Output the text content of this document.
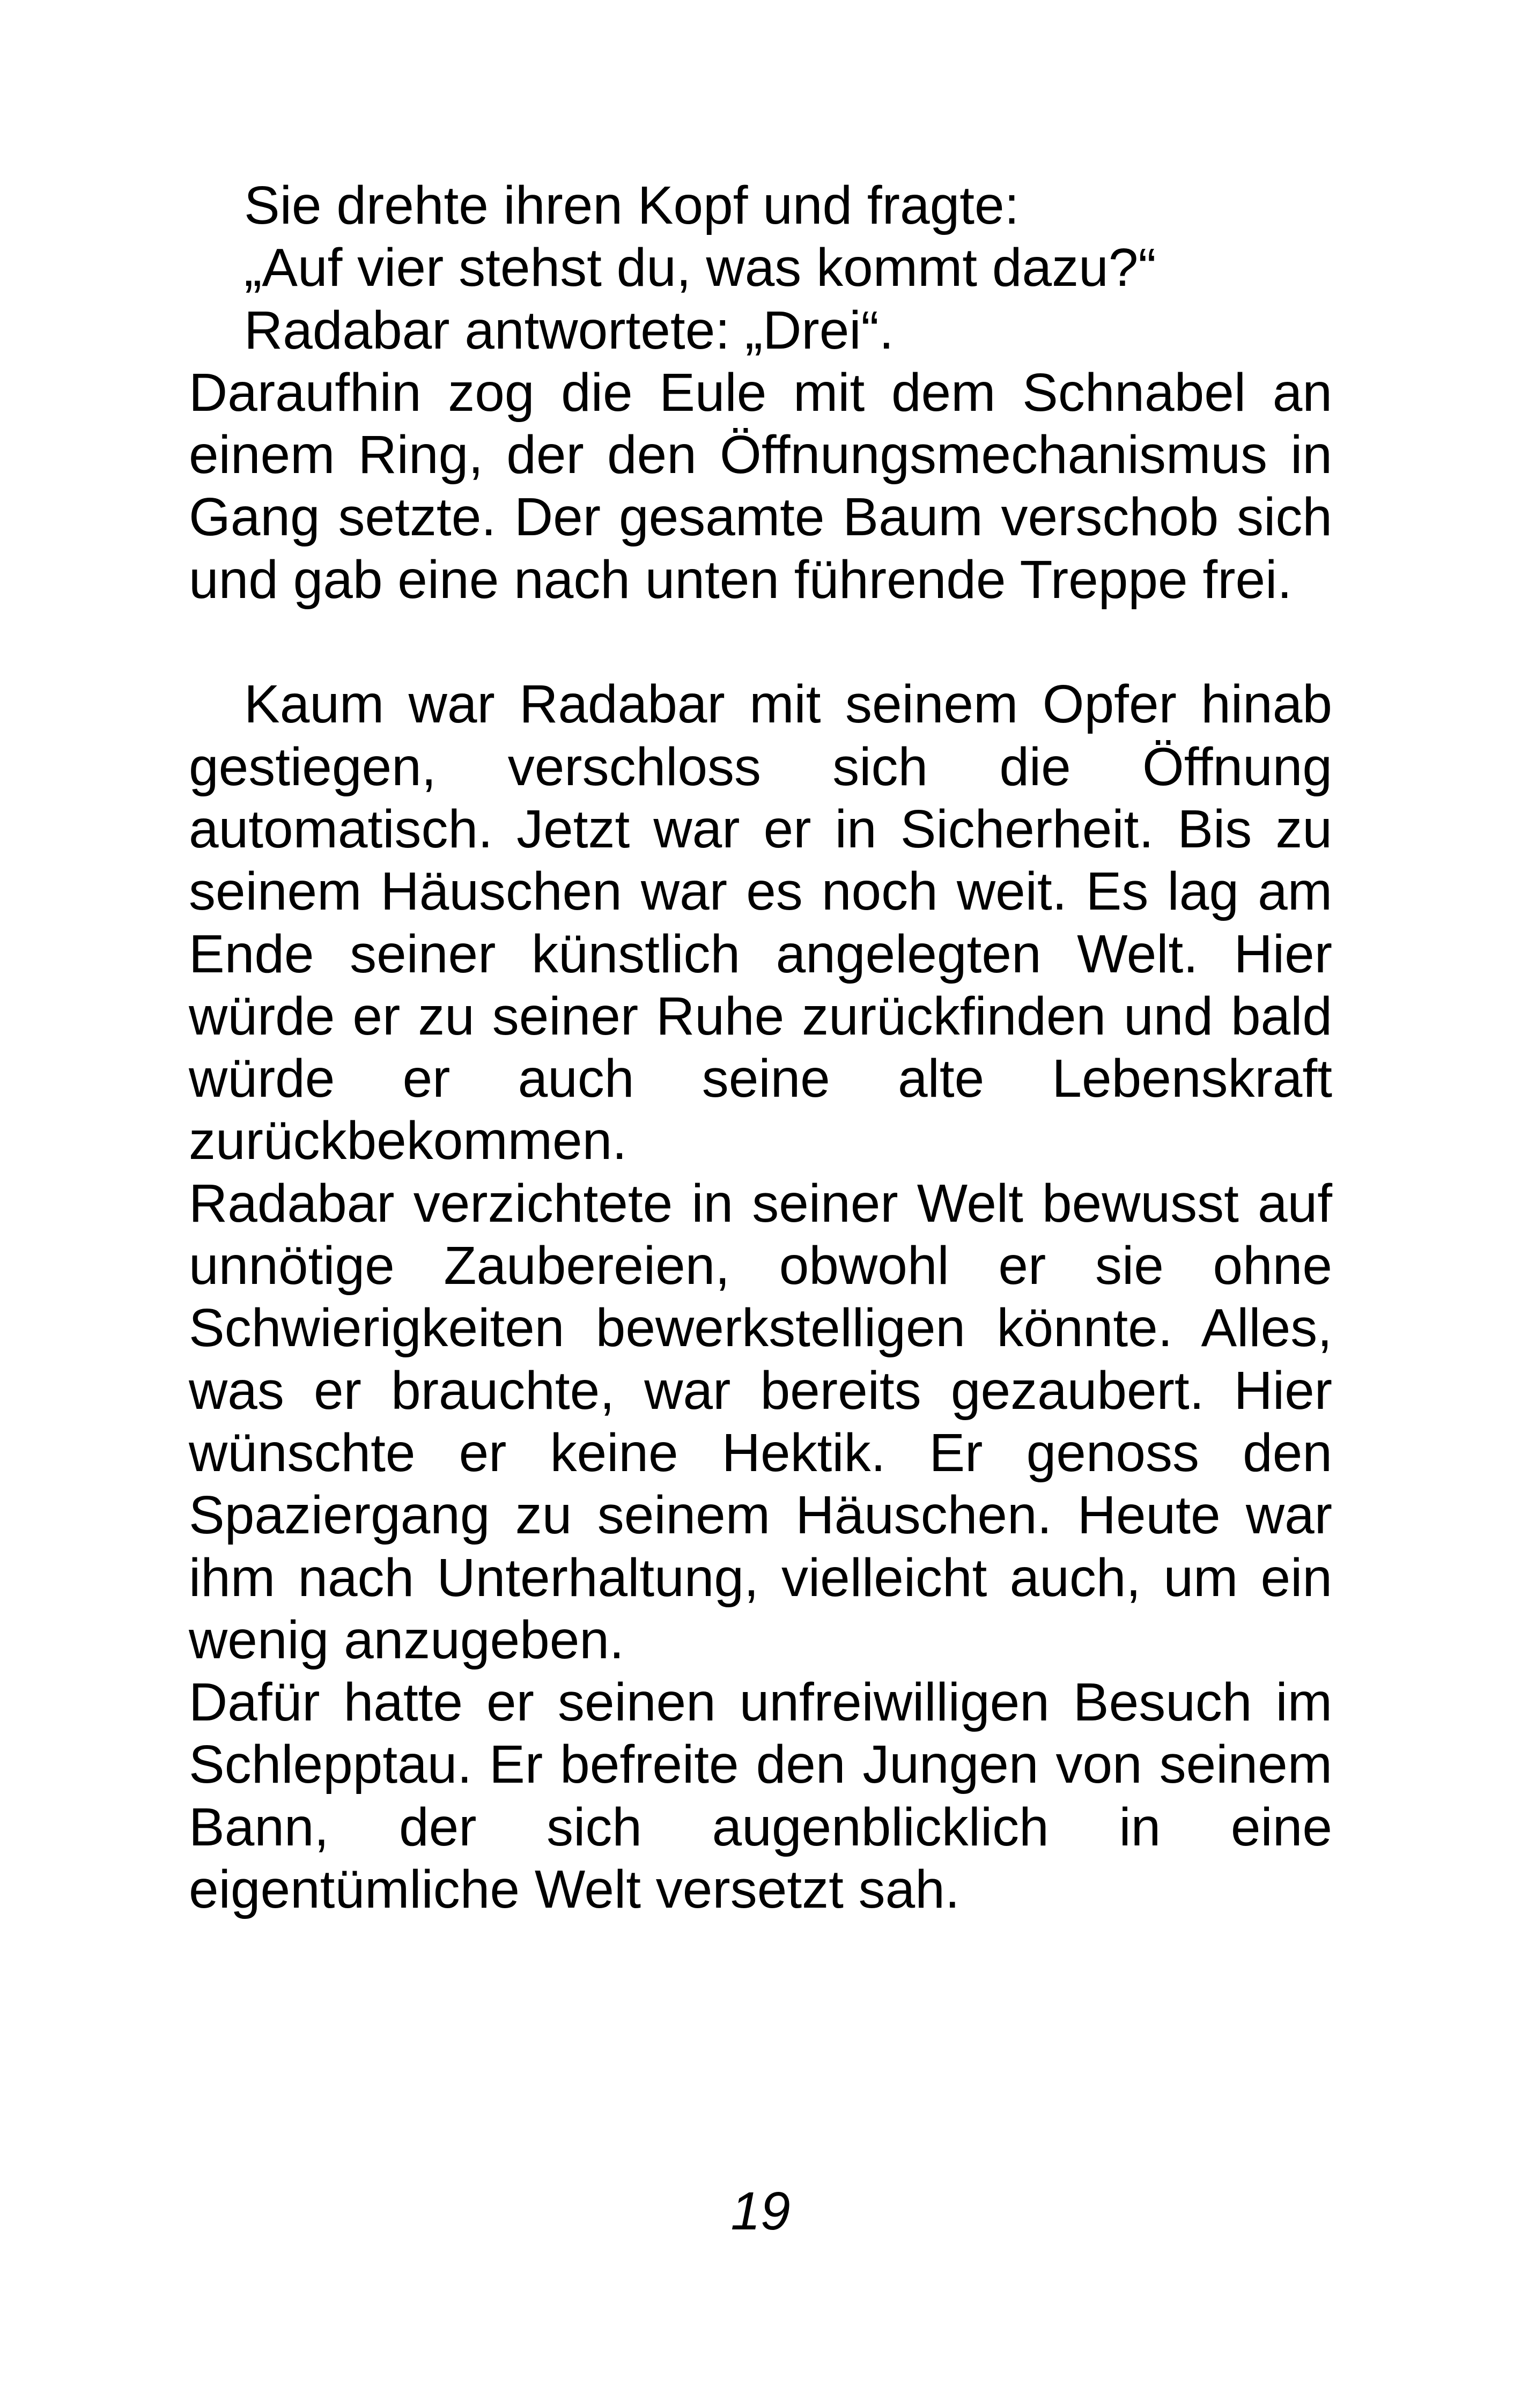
Sie drehte ihren Kopf und fragte:

„Auf vier stehst du, was kommt dazu?“

Radabar antwortete: „Drei“.

Daraufhin zog die Eule mit dem Schnabel an einem Ring, der den Öffnungsmechanismus in Gang setzte. Der gesamte Baum verschob sich und gab eine nach unten führende Treppe frei.

Kaum war Radabar mit seinem Opfer hinab gestiegen, verschloss sich die Öffnung automatisch. Jetzt war er in Sicherheit. Bis zu seinem Häuschen war es noch weit. Es lag am Ende seiner künstlich angelegten Welt. Hier würde er zu seiner Ruhe zurückfinden und bald würde er auch seine alte Lebenskraft zurückbekommen.

Radabar verzichtete in seiner Welt bewusst auf unnötige Zaubereien, obwohl er sie ohne Schwierigkeiten bewerkstelligen könnte. Alles, was er brauchte, war bereits gezaubert. Hier wünschte er keine Hektik. Er genoss den Spaziergang zu seinem Häuschen. Heute war ihm nach Unterhaltung, vielleicht auch, um ein wenig anzugeben.

Dafür hatte er seinen unfreiwilligen Besuch im Schlepptau. Er befreite den Jungen von seinem Bann, der sich augenblicklich in eine eigentümliche Welt versetzt sah.

19
